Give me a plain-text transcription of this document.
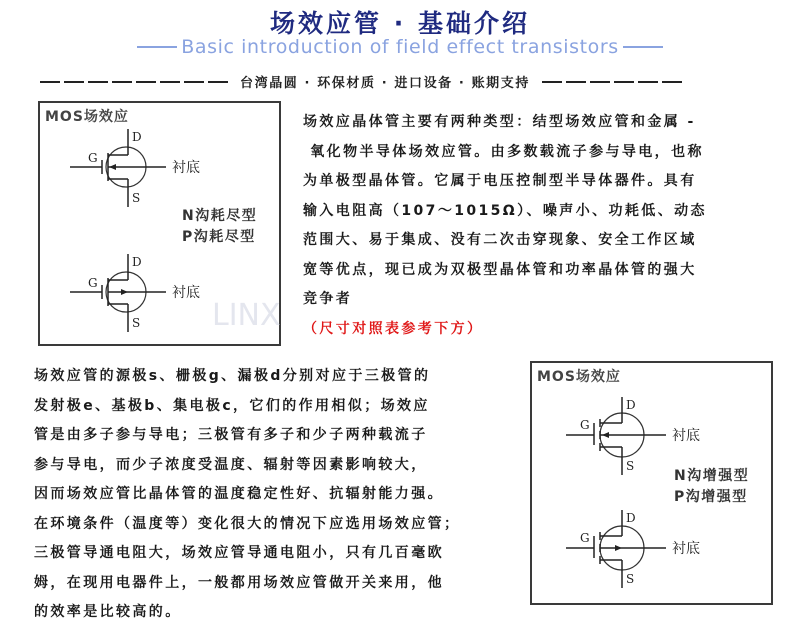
场效应管 · 基础介绍
Basic introduction of field effect transistors
台湾晶圆 · 环保材质 · 进口设备 · 账期支持
MOS场效应
LINX
G
D
S
衬底
N沟耗尽型
P沟耗尽型
G
D
S
衬底
场效应晶体管主要有两种类型：结型场效应管和金属 -
氧化物半导体场效应管。由多数载流子参与导电，也称
为单极型晶体管。它属于电压控制型半导体器件。具有
输入电阻高（107～1015Ω）、噪声小、功耗低、动态
范围大、易于集成、没有二次击穿现象、安全工作区域
宽等优点，现已成为双极型晶体管和功率晶体管的强大
竞争者
（尺寸对照表参考下方）
场效应管的源极s、栅极g、漏极d分别对应于三极管的
发射极e、基极b、集电极c，它们的作用相似；场效应
管是由多子参与导电；三极管有多子和少子两种载流子
参与导电，而少子浓度受温度、辐射等因素影响较大，
因而场效应管比晶体管的温度稳定性好、抗辐射能力强。
在环境条件（温度等）变化很大的情况下应选用场效应管；
三极管导通电阻大，场效应管导通电阻小，只有几百毫欧
姆，在现用电器件上，一般都用场效应管做开关来用，他
的效率是比较高的。
MOS场效应
G
D
S
衬底
N沟增强型
P沟增强型
G
D
S
衬底
